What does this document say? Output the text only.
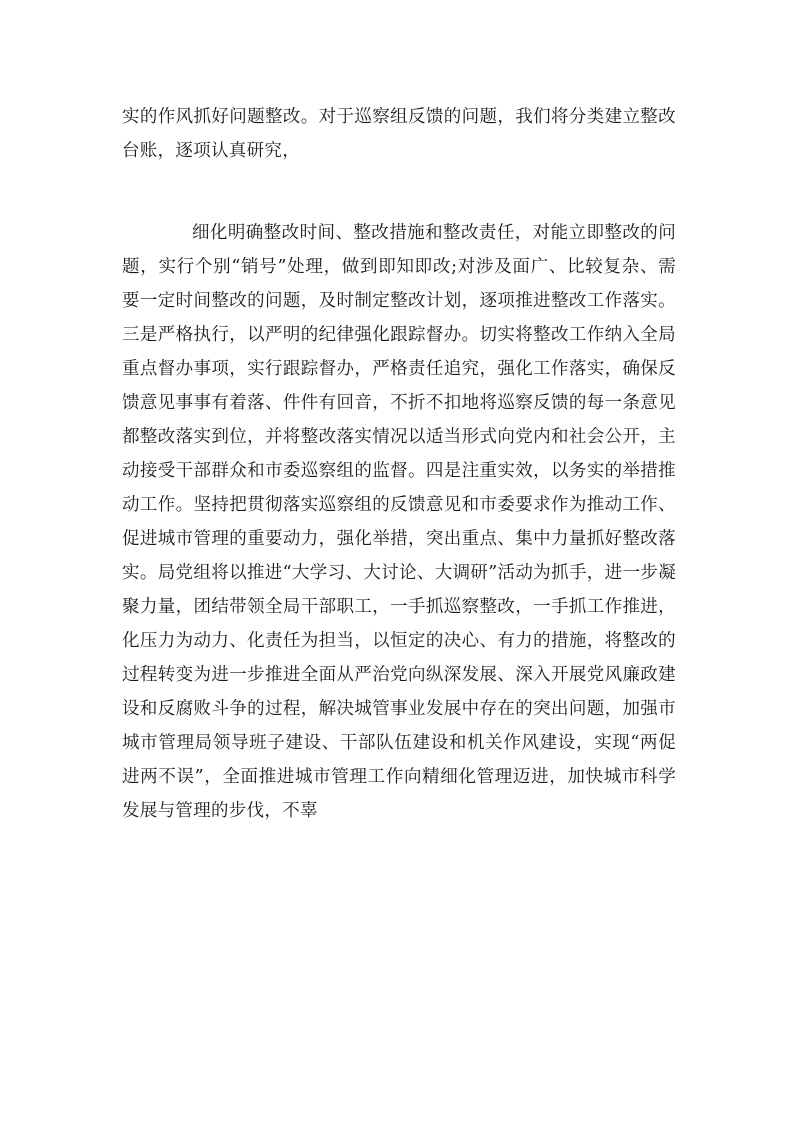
实的作风抓好问题整改。对于巡察组反馈的问题，我们将分类建立整改台账，逐项认真研究，

细化明确整改时间、整改措施和整改责任，对能立即整改的问题，实行个别“销号”处理，做到即知即改;对涉及面广、比较复杂、需要一定时间整改的问题，及时制定整改计划，逐项推进整改工作落实。三是严格执行，以严明的纪律强化跟踪督办。切实将整改工作纳入全局重点督办事项，实行跟踪督办，严格责任追究，强化工作落实，确保反馈意见事事有着落、件件有回音，不折不扣地将巡察反馈的每一条意见都整改落实到位，并将整改落实情况以适当形式向党内和社会公开，主动接受干部群众和市委巡察组的监督。四是注重实效，以务实的举措推动工作。坚持把贯彻落实巡察组的反馈意见和市委要求作为推动工作、促进城市管理的重要动力，强化举措，突出重点、集中力量抓好整改落实。局党组将以推进“大学习、大讨论、大调研”活动为抓手，进一步凝聚力量，团结带领全局干部职工，一手抓巡察整改，一手抓工作推进，化压力为动力、化责任为担当，以恒定的决心、有力的措施，将整改的过程转变为进一步推进全面从严治党向纵深发展、深入开展党风廉政建设和反腐败斗争的过程，解决城管事业发展中存在的突出问题，加强市城市管理局领导班子建设、干部队伍建设和机关作风建设，实现“两促进两不误”，全面推进城市管理工作向精细化管理迈进，加快城市科学发展与管理的步伐，不辜
